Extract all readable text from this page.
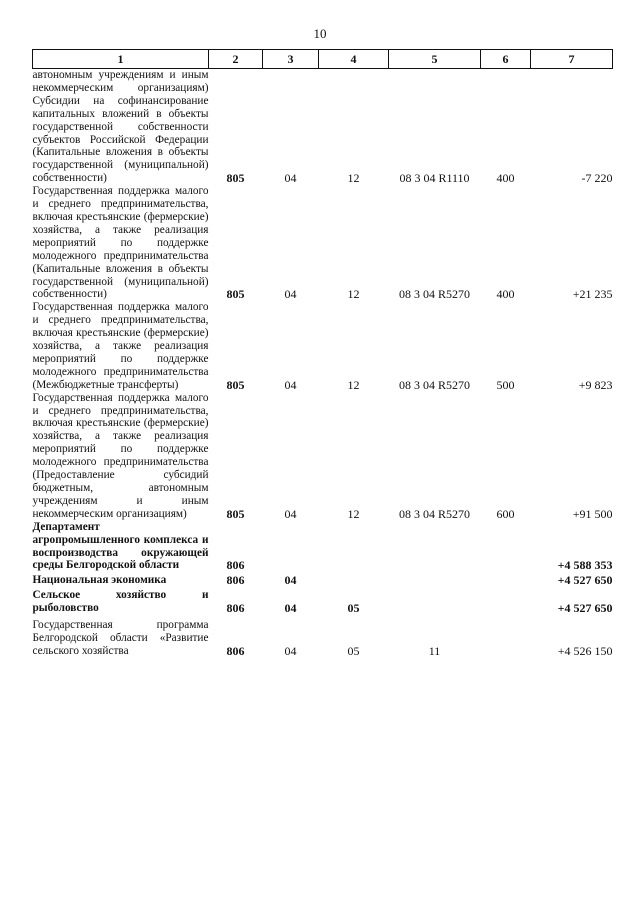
10
1	2	3	4	5	6	7
автономным учреждениям и иным некоммерческим организациям) Субсидии на софинансирование капитальных вложений в объекты государственной собственности субъектов Российской Федерации (Капитальные вложения в объекты государственной (муниципальной) собственности)	805	04	12	08 3 04 R1110	400	-7 220
Государственная поддержка малого и среднего предпринимательства, включая крестьянские (фермерские) хозяйства, а также реализация мероприятий по поддержке молодежного предпринимательства (Капитальные вложения в объекты государственной (муниципальной) собственности)	805	04	12	08 3 04 R5270	400	+21 235
Государственная поддержка малого и среднего предпринимательства, включая крестьянские (фермерские) хозяйства, а также реализация мероприятий по поддержке молодежного предпринимательства (Межбюджетные трансферты)	805	04	12	08 3 04 R5270	500	+9 823
Государственная поддержка малого и среднего предпринимательства, включая крестьянские (фермерские) хозяйства, а также реализация мероприятий по поддержке молодежного предпринимательства (Предоставление субсидий бюджетным, автономным учреждениям и иным некоммерческим организациям)	805	04	12	08 3 04 R5270	600	+91 500
Департамент агропромышленного комплекса и воспроизводства окружающей среды Белгородской области	806					+4 588 353
Национальная экономика	806	04				+4 527 650
Сельское хозяйство и рыболовство	806	04	05			+4 527 650
Государственная программа Белгородской области «Развитие сельского хозяйства	806	04	05	11		+4 526 150
